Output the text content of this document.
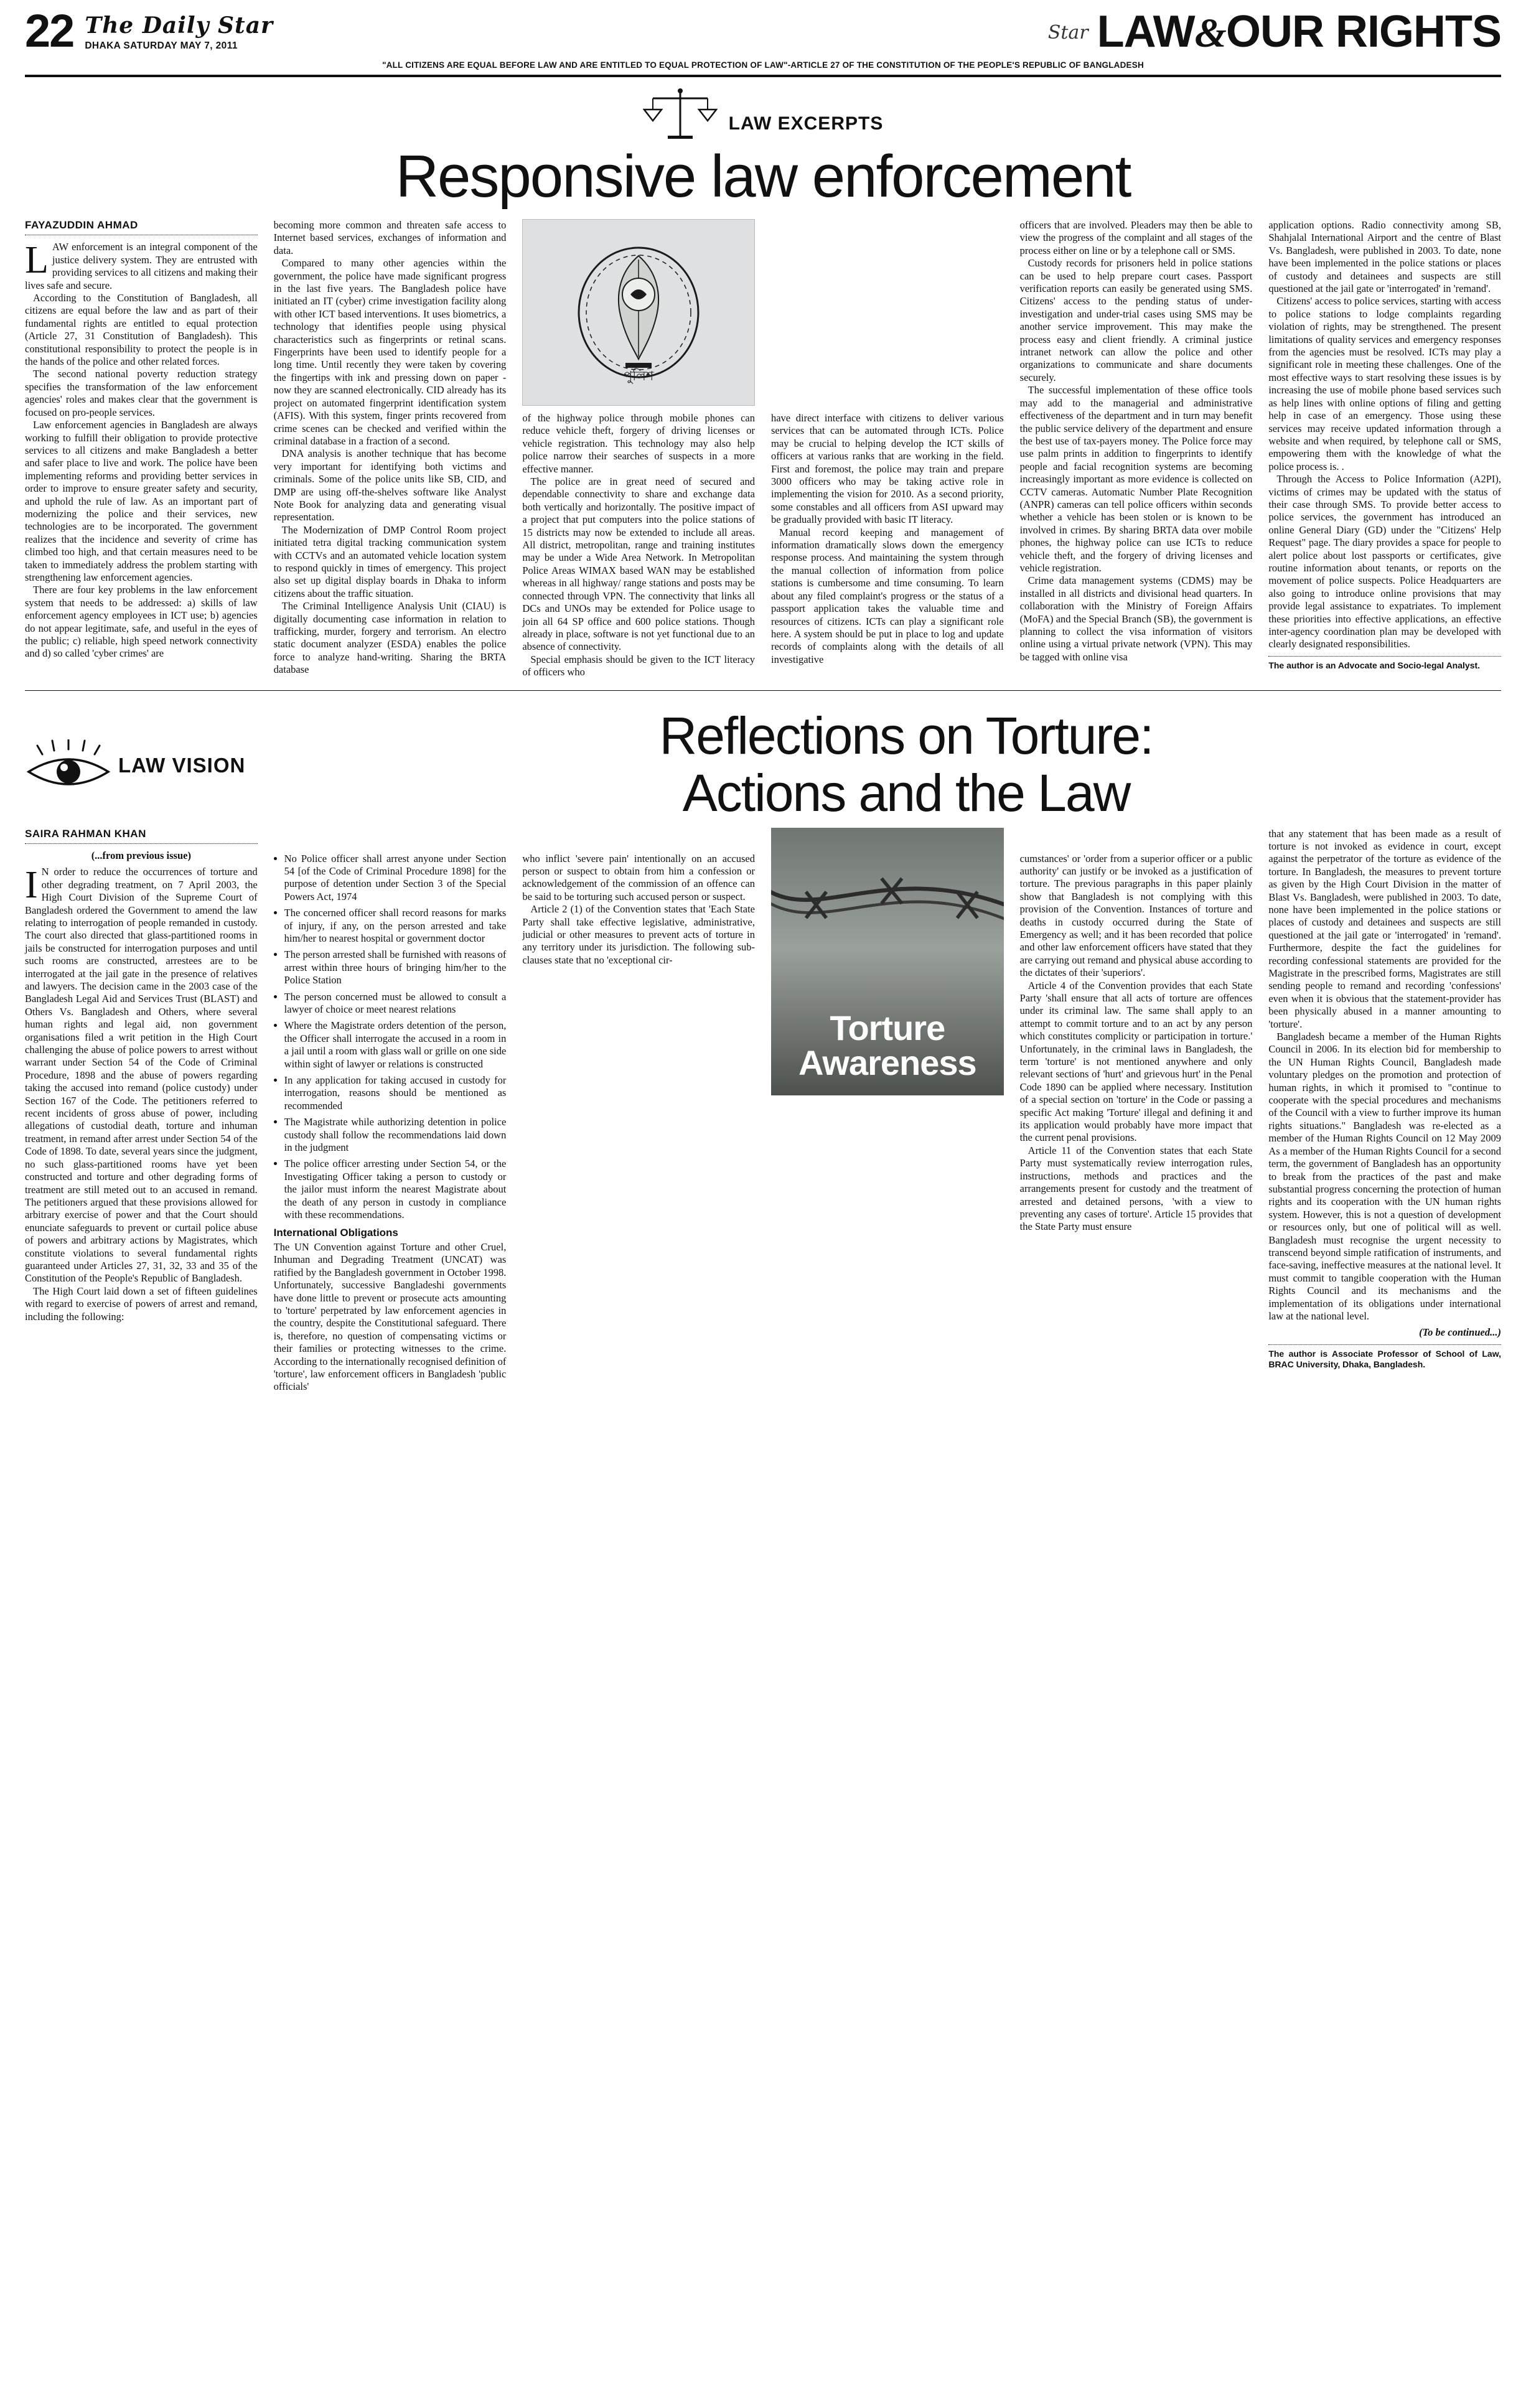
22 The Daily Star
DHAKA SATURDAY MAY 7, 2011
Star LAW&OUR RIGHTS
"ALL CITIZENS ARE EQUAL BEFORE LAW AND ARE ENTITLED TO EQUAL PROTECTION OF LAW"-ARTICLE 27 OF THE CONSTITUTION OF THE PEOPLE'S REPUBLIC OF BANGLADESH
LAW EXCERPTS
Responsive law enforcement
FAYAZUDDIN AHMAD

LAW enforcement is an integral component of the justice delivery system. They are entrusted with providing services to all citizens and making their lives safe and secure.

According to the Constitution of Bangladesh, all citizens are equal before the law and as part of their fundamental rights are entitled to equal protection (Article 27, 31 Constitution of Bangladesh). This constitutional responsibility to protect the people is in the hands of the police and other related forces.

The second national poverty reduction strategy specifies the transformation of the law enforcement agencies' roles and makes clear that the government is focused on pro-people services.

Law enforcement agencies in Bangladesh are always working to fulfill their obligation to provide protective services to all citizens and make Bangladesh a better and safer place to live and work. The police have been implementing reforms and providing better services in order to improve to ensure greater safety and security, and uphold the rule of law. As an important part of modernizing the police and their services, new technologies are to be incorporated. The government realizes that the incidence and severity of crime has climbed too high, and that certain measures need to be taken to immediately address the problem starting with strengthening law enforcement agencies.

There are four key problems in the law enforcement system that needs to be addressed: a) skills of law enforcement agency employees in ICT use; b) agencies do not appear legitimate, safe, and useful in the eyes of the public; c) reliable, high speed network connectivity and d) so called 'cyber crimes' are

becoming more common and threaten safe access to Internet based services, exchanges of information and data.

Compared to many other agencies within the government, the police have made significant progress in the last five years. The Bangladesh police have initiated an IT (cyber) crime investigation facility along with other ICT based interventions. It uses biometrics, a technology that identifies people using physical characteristics such as fingerprints or retinal scans. Fingerprints have been used to identify people for a long time. Until recently they were taken by covering the fingertips with ink and pressing down on paper - now they are scanned electronically. CID already has its project on automated fingerprint identification system (AFIS). With this system, finger prints recovered from crime scenes can be checked and verified within the criminal database in a fraction of a second.

DNA analysis is another technique that has become very important for identifying both victims and criminals. Some of the police units like SB, CID, and DMP are using off-the-shelves software like Analyst Note Book for analyzing data and generating visual representation.

The Modernization of DMP Control Room project initiated tetra digital tracking communication system with CCTVs and an automated vehicle location system to respond quickly in times of emergency. This project also set up digital display boards in Dhaka to inform citizens about the traffic situation.

The Criminal Intelligence Analysis Unit (CIAU) is digitally documenting case information in relation to trafficking, murder, forgery and terrorism. An electro static document analyzer (ESDA) enables the police force to analyze hand-writing. Sharing the BRTA database

পুলিশ

of the highway police through mobile phones can reduce vehicle theft, forgery of driving licenses or vehicle registration. This technology may also help police narrow their searches of suspects in a more effective manner.

The police are in great need of secured and dependable connectivity to share and exchange data both vertically and horizontally. The positive impact of a project that put computers into the police stations of 15 districts may now be extended to include all areas. All district, metropolitan, range and training institutes may be under a Wide Area Network. In Metropolitan Police Areas WIMAX based WAN may be established whereas in all highway/ range stations and posts may be connected through VPN. The connectivity that links all DCs and UNOs may be extended for Police usage to join all 64 SP office and 600 police stations. Though already in place, software is not yet functional due to an absence of connectivity.

Special emphasis should be given to the ICT literacy of officers who

have direct interface with citizens to deliver various services that can be automated through ICTs. Police may be crucial to helping develop the ICT skills of officers at various ranks that are working in the field. First and foremost, the police may train and prepare 3000 officers who may be taking active role in implementing the vision for 2010. As a second priority, some constables and all officers from ASI upward may be gradually provided with basic IT literacy.

Manual record keeping and management of information dramatically slows down the emergency response process. And maintaining the system through the manual collection of information from police stations is cumbersome and time consuming. To learn about any filed complaint's progress or the status of a passport application takes the valuable time and resources of citizens. ICTs can play a significant role here. A system should be put in place to log and update records of complaints along with the details of all investigative

officers that are involved. Pleaders may then be able to view the progress of the complaint and all stages of the process either on line or by a telephone call or SMS.

Custody records for prisoners held in police stations can be used to help prepare court cases. Passport verification reports can easily be generated using SMS. Citizens' access to the pending status of under-investigation and under-trial cases using SMS may be another service improvement. This may make the process easy and client friendly. A criminal justice intranet network can allow the police and other organizations to communicate and share documents securely.

The successful implementation of these office tools may add to the managerial and administrative effectiveness of the department and in turn may benefit the public service delivery of the department and ensure the best use of tax-payers money. The Police force may use palm prints in addition to fingerprints to identify people and facial recognition systems are becoming increasingly important as more evidence is collected on CCTV cameras. Automatic Number Plate Recognition (ANPR) cameras can tell police officers within seconds whether a vehicle has been stolen or is known to be involved in crimes. By sharing BRTA data over mobile phones, the highway police can use ICTs to reduce vehicle theft, and the forgery of driving licenses and vehicle registration.

Crime data management systems (CDMS) may be installed in all districts and divisional head quarters. In collaboration with the Ministry of Foreign Affairs (MoFA) and the Special Branch (SB), the government is planning to collect the visa information of visitors online using a virtual private network (VPN). This may be tagged with online visa

application options. Radio connectivity among SB, Shahjalal International Airport and the centre of Blast Vs. Bangladesh, were published in 2003. To date, none have been implemented in the police stations or places of custody and detainees and suspects are still questioned at the jail gate or 'interrogated' in 'remand'.

Citizens' access to police services, starting with access to police stations to lodge complaints regarding violation of rights, may be strengthened. The present limitations of quality services and emergency responses from the agencies must be resolved. ICTs may play a significant role in meeting these challenges. One of the most effective ways to start resolving these issues is by increasing the use of mobile phone based services such as help lines with online options of filing and getting help in case of an emergency. Those using these services may receive updated information through a website and when required, by telephone call or SMS, empowering them with the knowledge of what the police process is. .

Through the Access to Police Information (A2PI), victims of crimes may be updated with the status of their case through SMS. To provide better access to police services, the government has introduced an online General Diary (GD) under the "Citizens' Help Request" page. The diary provides a space for people to alert police about lost passports or certificates, give routine information about tenants, or reports on the movement of police suspects. Police Headquarters are also going to introduce online provisions that may provide legal assistance to expatriates. To implement these priorities into effective applications, an effective inter-agency coordination plan may be developed with clearly designated responsibilities.

The author is an Advocate and Socio-legal Analyst.
LAW VISION
Reflections on Torture:
Actions and the Law
SAIRA RAHMAN KHAN
(...from previous issue)

IN order to reduce the occurrences of torture and other degrading treatment, on 7 April 2003, the High Court Division of the Supreme Court of Bangladesh ordered the Government to amend the law relating to interrogation of people remanded in custody. The court also directed that glass-partitioned rooms in jails be constructed for interrogation purposes and until such rooms are constructed, arrestees are to be interrogated at the jail gate in the presence of relatives and lawyers. The decision came in the 2003 case of the Bangladesh Legal Aid and Services Trust (BLAST) and Others Vs. Bangladesh and Others, where several human rights and legal aid, non government organisations filed a writ petition in the High Court challenging the abuse of police powers to arrest without warrant under Section 54 of the Code of Criminal Procedure, 1898 and the abuse of powers regarding taking the accused into remand (police custody) under Section 167 of the Code. The petitioners referred to recent incidents of gross abuse of power, including allegations of custodial death, torture and inhuman treatment, in remand after arrest under Section 54 of the Code of 1898. To date, several years since the judgment, no such glass-partitioned rooms have yet been constructed and torture and other degrading forms of treatment are still meted out to an accused in remand. The petitioners argued that these provisions allowed for arbitrary exercise of power and that the Court should enunciate safeguards to prevent or curtail police abuse of powers and arbitrary actions by Magistrates, which constitute violations to several fundamental rights guaranteed under Articles 27, 31, 32, 33 and 35 of the Constitution of the People's Republic of Bangladesh.

The High Court laid down a set of fifteen guidelines with regard to exercise of powers of arrest and remand, including the following:

• No Police officer shall arrest anyone under Section 54 [of the Code of Criminal Procedure 1898] for the purpose of detention under Section 3 of the Special Powers Act, 1974
• The concerned officer shall record reasons for marks of injury, if any, on the person arrested and take him/her to nearest hospital or government doctor
• The person arrested shall be furnished with reasons of arrest within three hours of bringing him/her to the Police Station
• The person concerned must be allowed to consult a lawyer of choice or meet nearest relations
• Where the Magistrate orders detention of the person, the Officer shall interrogate the accused in a room in a jail until a room with glass wall or grille on one side within sight of lawyer or relations is constructed
• In any application for taking accused in custody for interrogation, reasons should be mentioned as recommended
• The Magistrate while authorizing detention in police custody shall follow the recommendations laid down in the judgment
• The police officer arresting under Section 54, or the Investigating Officer taking a person to custody or the jailor must inform the nearest Magistrate about the death of any person in custody in compliance with these recommendations.
International Obligations

The UN Convention against Torture and other Cruel, Inhuman and Degrading Treatment (UNCAT) was ratified by the Bangladesh government in October 1998. Unfortunately, successive Bangladeshi governments have done little to prevent or prosecute acts amounting to 'torture' perpetrated by law enforcement agencies in the country, despite the Constitutional safeguard. There is, therefore, no question of compensating victims or their families or protecting witnesses to the crime. According to the internationally recognised definition of 'torture', law enforcement officers in Bangladesh 'public officials'

who inflict 'severe pain' intentionally on an accused person or suspect to obtain from him a confession or acknowledgement of the commission of an offence can be said to be torturing such accused person or suspect.

Article 2 (1) of the Convention states that 'Each State Party shall take effective legislative, administrative, judicial or other measures to prevent acts of torture in any territory under its jurisdiction. The following sub-clauses state that no 'exceptional cir-

Torture
Awareness

cumstances' or 'order from a superior officer or a public authority' can justify or be invoked as a justification of torture. The previous paragraphs in this paper plainly show that Bangladesh is not complying with this provision of the Convention. Instances of torture and deaths in custody occurred during the State of Emergency as well; and it has been recorded that police and other law enforcement officers have stated that they are carrying out remand and physical abuse according to the dictates of their 'superiors'.

Article 4 of the Convention provides that each State Party 'shall ensure that all acts of torture are offences under its criminal law. The same shall apply to an attempt to commit torture and to an act by any person which constitutes complicity or participation in torture.' Unfortunately, in the criminal laws in Bangladesh, the term 'torture' is not mentioned anywhere and only relevant sections of 'hurt' and grievous hurt' in the Penal Code 1890 can be applied where necessary. Institution of a special section on 'torture' in the Code or passing a specific Act making 'Torture' illegal and defining it and its application would probably have more impact that the current penal provisions.

Article 11 of the Convention states that each State Party must systematically review interrogation rules, instructions, methods and practices and the arrangements present for custody and the treatment of arrested and detained persons, 'with a view to preventing any cases of torture'. Article 15 provides that the State Party must ensure

that any statement that has been made as a result of torture is not invoked as evidence in court, except against the perpetrator of the torture as evidence of the torture. In Bangladesh, the measures to prevent torture as given by the High Court Division in the matter of Blast Vs. Bangladesh, were published in 2003. To date, none have been implemented in the police stations or places of custody and detainees and suspects are still questioned at the jail gate or 'interrogated' in 'remand'. Furthermore, despite the fact the guidelines for recording confessional statements are provided for the Magistrate in the prescribed forms, Magistrates are still sending people to remand and recording 'confessions' even when it is obvious that the statement-provider has been physically abused in a manner amounting to 'torture'.

Bangladesh became a member of the Human Rights Council in 2006. In its election bid for membership to the UN Human Rights Council, Bangladesh made voluntary pledges on the promotion and protection of human rights, in which it promised to "continue to cooperate with the special procedures and mechanisms of the Council with a view to further improve its human rights situations." Bangladesh was re-elected as a member of the Human Rights Council on 12 May 2009 As a member of the Human Rights Council for a second term, the government of Bangladesh has an opportunity to break from the practices of the past and make substantial progress concerning the protection of human rights and its cooperation with the UN human rights system. However, this is not a question of development or resources only, but one of political will as well. Bangladesh must recognise the urgent necessity to transcend beyond simple ratification of instruments, and face-saving, ineffective measures at the national level. It must commit to tangible cooperation with the Human Rights Council and its mechanisms and the implementation of its obligations under international law at the national level.

(To be continued...)
The author is Associate Professor of School of Law, BRAC University, Dhaka, Bangladesh.
